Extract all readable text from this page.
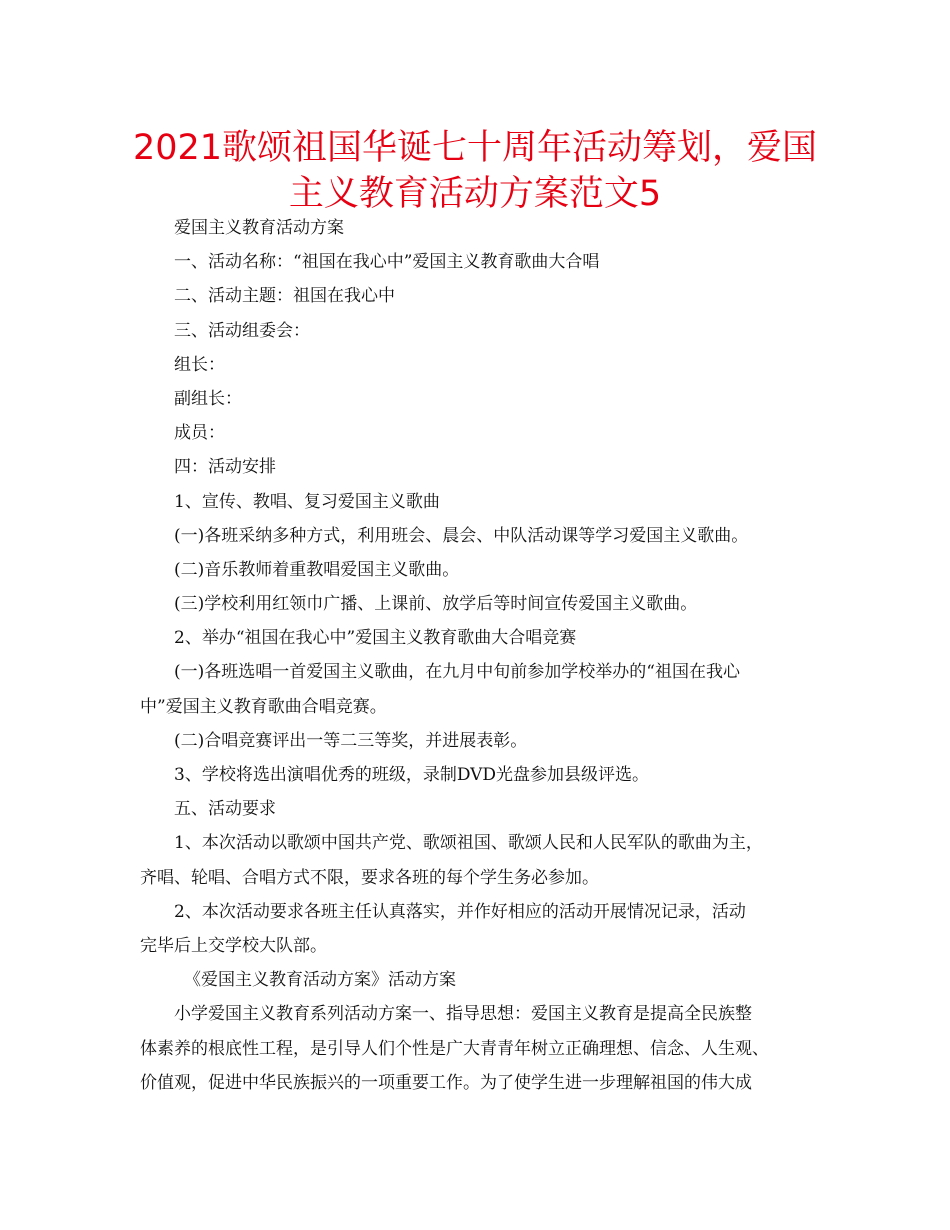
2021歌颂祖国华诞七十周年活动筹划，爱国主义教育活动方案范文5

爱国主义教育活动方案

一、活动名称：“祖国在我心中”爱国主义教育歌曲大合唱

二、活动主题：祖国在我心中

三、活动组委会：

组长：

副组长：

成员：

四：活动安排

1、宣传、教唱、复习爱国主义歌曲

(一)各班采纳多种方式，利用班会、晨会、中队活动课等学习爱国主义歌曲。

(二)音乐教师着重教唱爱国主义歌曲。

(三)学校利用红领巾广播、上课前、放学后等时间宣传爱国主义歌曲。

2、举办“祖国在我心中”爱国主义教育歌曲大合唱竞赛

(一)各班选唱一首爱国主义歌曲，在九月中旬前参加学校举办的“祖国在我心

中”爱国主义教育歌曲合唱竞赛。

(二)合唱竞赛评出一等二三等奖，并进展表彰。

3、学校将选出演唱优秀的班级，录制DVD光盘参加县级评选。

五、活动要求

1、本次活动以歌颂中国共产党、歌颂祖国、歌颂人民和人民军队的歌曲为主，

齐唱、轮唱、合唱方式不限，要求各班的每个学生务必参加。

2、本次活动要求各班主任认真落实，并作好相应的活动开展情况记录，活动

完毕后上交学校大队部。

《爱国主义教育活动方案》活动方案

小学爱国主义教育系列活动方案一、指导思想：爱国主义教育是提高全民族整

体素养的根底性工程，是引导人们个性是广大青青年树立正确理想、信念、人生观、

价值观，促进中华民族振兴的一项重要工作。为了使学生进一步理解祖国的伟大成
